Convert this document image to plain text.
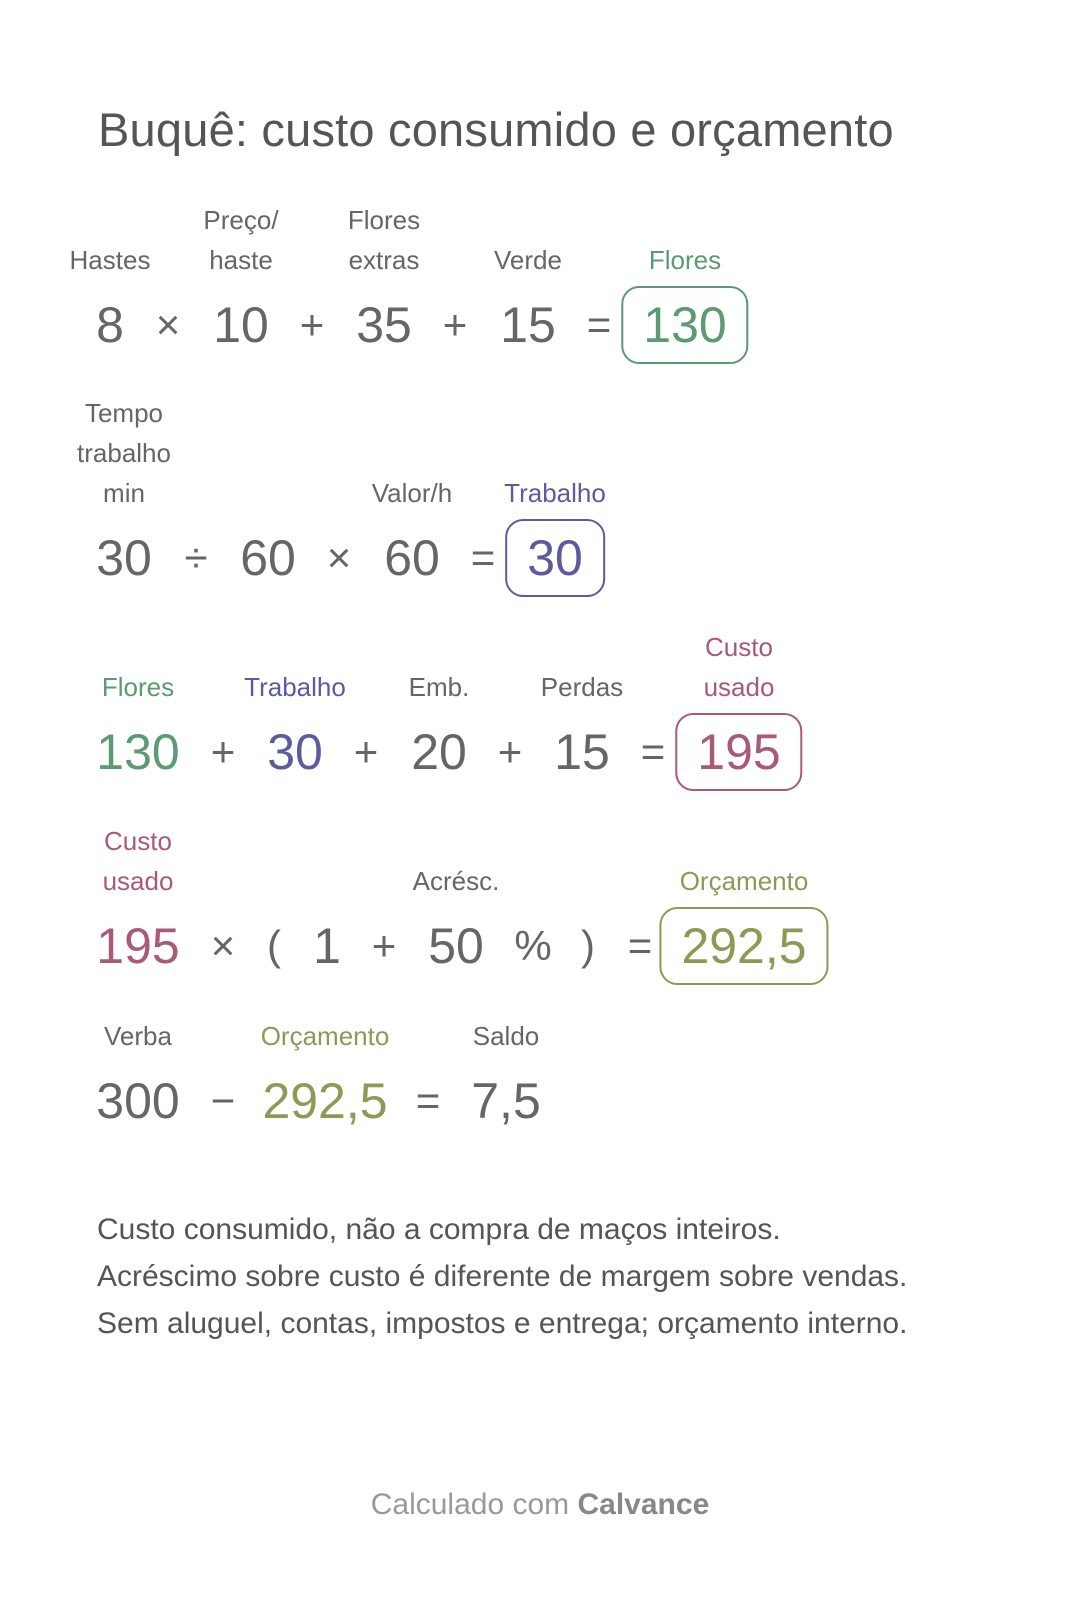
Buquê: custo consumido e orçamento
Hastes
8 ×
Preço/
haste
10 +
Flores
extras
35 +
Verde
15 =
Flores
130
Tempo
trabalho
min
30 ÷ 60 ×
Valor/h
60 =
Trabalho
30
Flores
130 +
Trabalho
30 +
Emb.
20 +
Perdas
15 =
Custo
usado
195
Custo
usado
195 × ( 1 +
Acrésc.
50 % ) =
Orçamento
292,5
Verba
300 −
Orçamento
292,5 =
Saldo
7,5

Custo consumido, não a compra de maços inteiros.

Acréscimo sobre custo é diferente de margem sobre vendas.

Sem aluguel, contas, impostos e entrega; orçamento interno.

Calculado com Calvance
